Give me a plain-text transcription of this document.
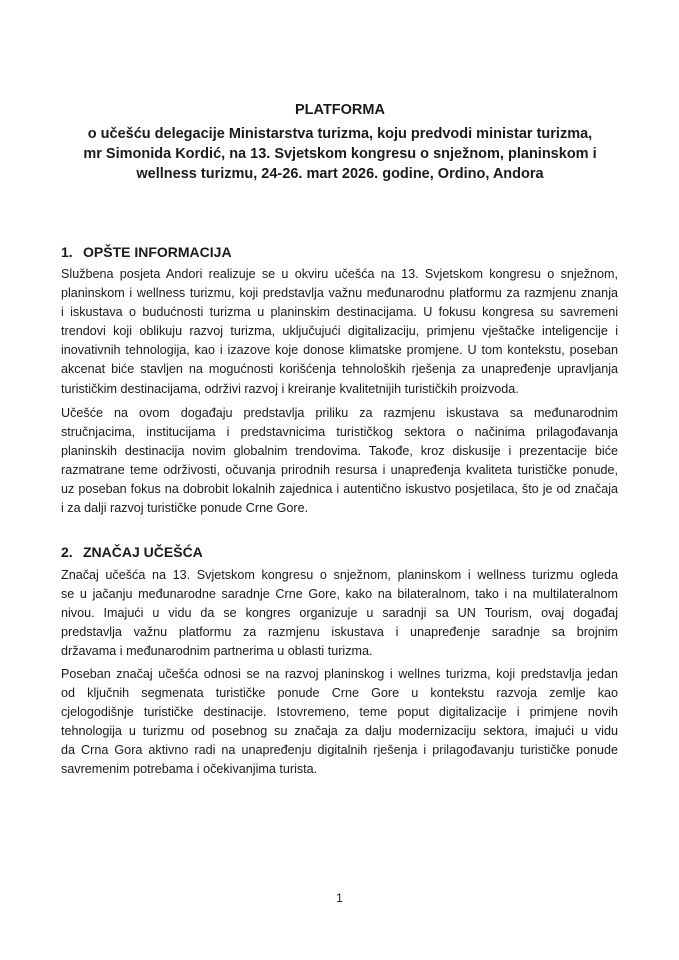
PLATFORMA

o učešću delegacije Ministarstva turizma, koju predvodi ministar turizma,

mr Simonida Kordić, na 13. Svjetskom kongresu o snježnom, planinskom i

wellness turizmu, 24-26. mart 2026. godine, Ordino, Andora

1. OPŠTE INFORMACIJA
Službena posjeta Andori realizuje se u okviru učešća na 13. Svjetskom kongresu o snježnom,
planinskom i wellness turizmu, koji predstavlja važnu međunarodnu platformu za razmjenu znanja
i iskustava o budućnosti turizma u planinskim destinacijama. U fokusu kongresa su savremeni
trendovi koji oblikuju razvoj turizma, uključujući digitalizaciju, primjenu vještačke inteligencije i
inovativnih tehnologija, kao i izazove koje donose klimatske promjene. U tom kontekstu, poseban
akcenat biće stavljen na mogućnosti korišćenja tehnoloških rješenja za unapređenje upravljanja
turističkim destinacijama, održivi razvoj i kreiranje kvalitetnijih turističkih proizvoda.
Učešće na ovom događaju predstavlja priliku za razmjenu iskustava sa međunarodnim
stručnjacima, institucijama i predstavnicima turističkog sektora o načinima prilagođavanja
planinskih destinacija novim globalnim trendovima. Takođe, kroz diskusije i prezentacije biće
razmatrane teme održivosti, očuvanja prirodnih resursa i unapređenja kvaliteta turističke ponude,
uz poseban fokus na dobrobit lokalnih zajednica i autentično iskustvo posjetilaca, što je od značaja
i za dalji razvoj turističke ponude Crne Gore.
2. ZNAČAJ UČEŠĆA
Značaj učešća na 13. Svjetskom kongresu o snježnom, planinskom i wellness turizmu ogleda
se u jačanju međunarodne saradnje Crne Gore, kako na bilateralnom, tako i na multilateralnom
nivou. Imajući u vidu da se kongres organizuje u saradnji sa UN Tourism, ovaj događaj
predstavlja važnu platformu za razmjenu iskustava i unapređenje saradnje sa brojnim
državama i međunarodnim partnerima u oblasti turizma.
Poseban značaj učešća odnosi se na razvoj planinskog i wellnes turizma, koji predstavlja jedan
od ključnih segmenata turističke ponude Crne Gore u kontekstu razvoja zemlje kao
cjelogodišnje turističke destinacije. Istovremeno, teme poput digitalizacije i primjene novih
tehnologija u turizmu od posebnog su značaja za dalju modernizaciju sektora, imajući u vidu
da Crna Gora aktivno radi na unapređenju digitalnih rješenja i prilagođavanju turističke ponude
savremenim potrebama i očekivanjima turista.
1
